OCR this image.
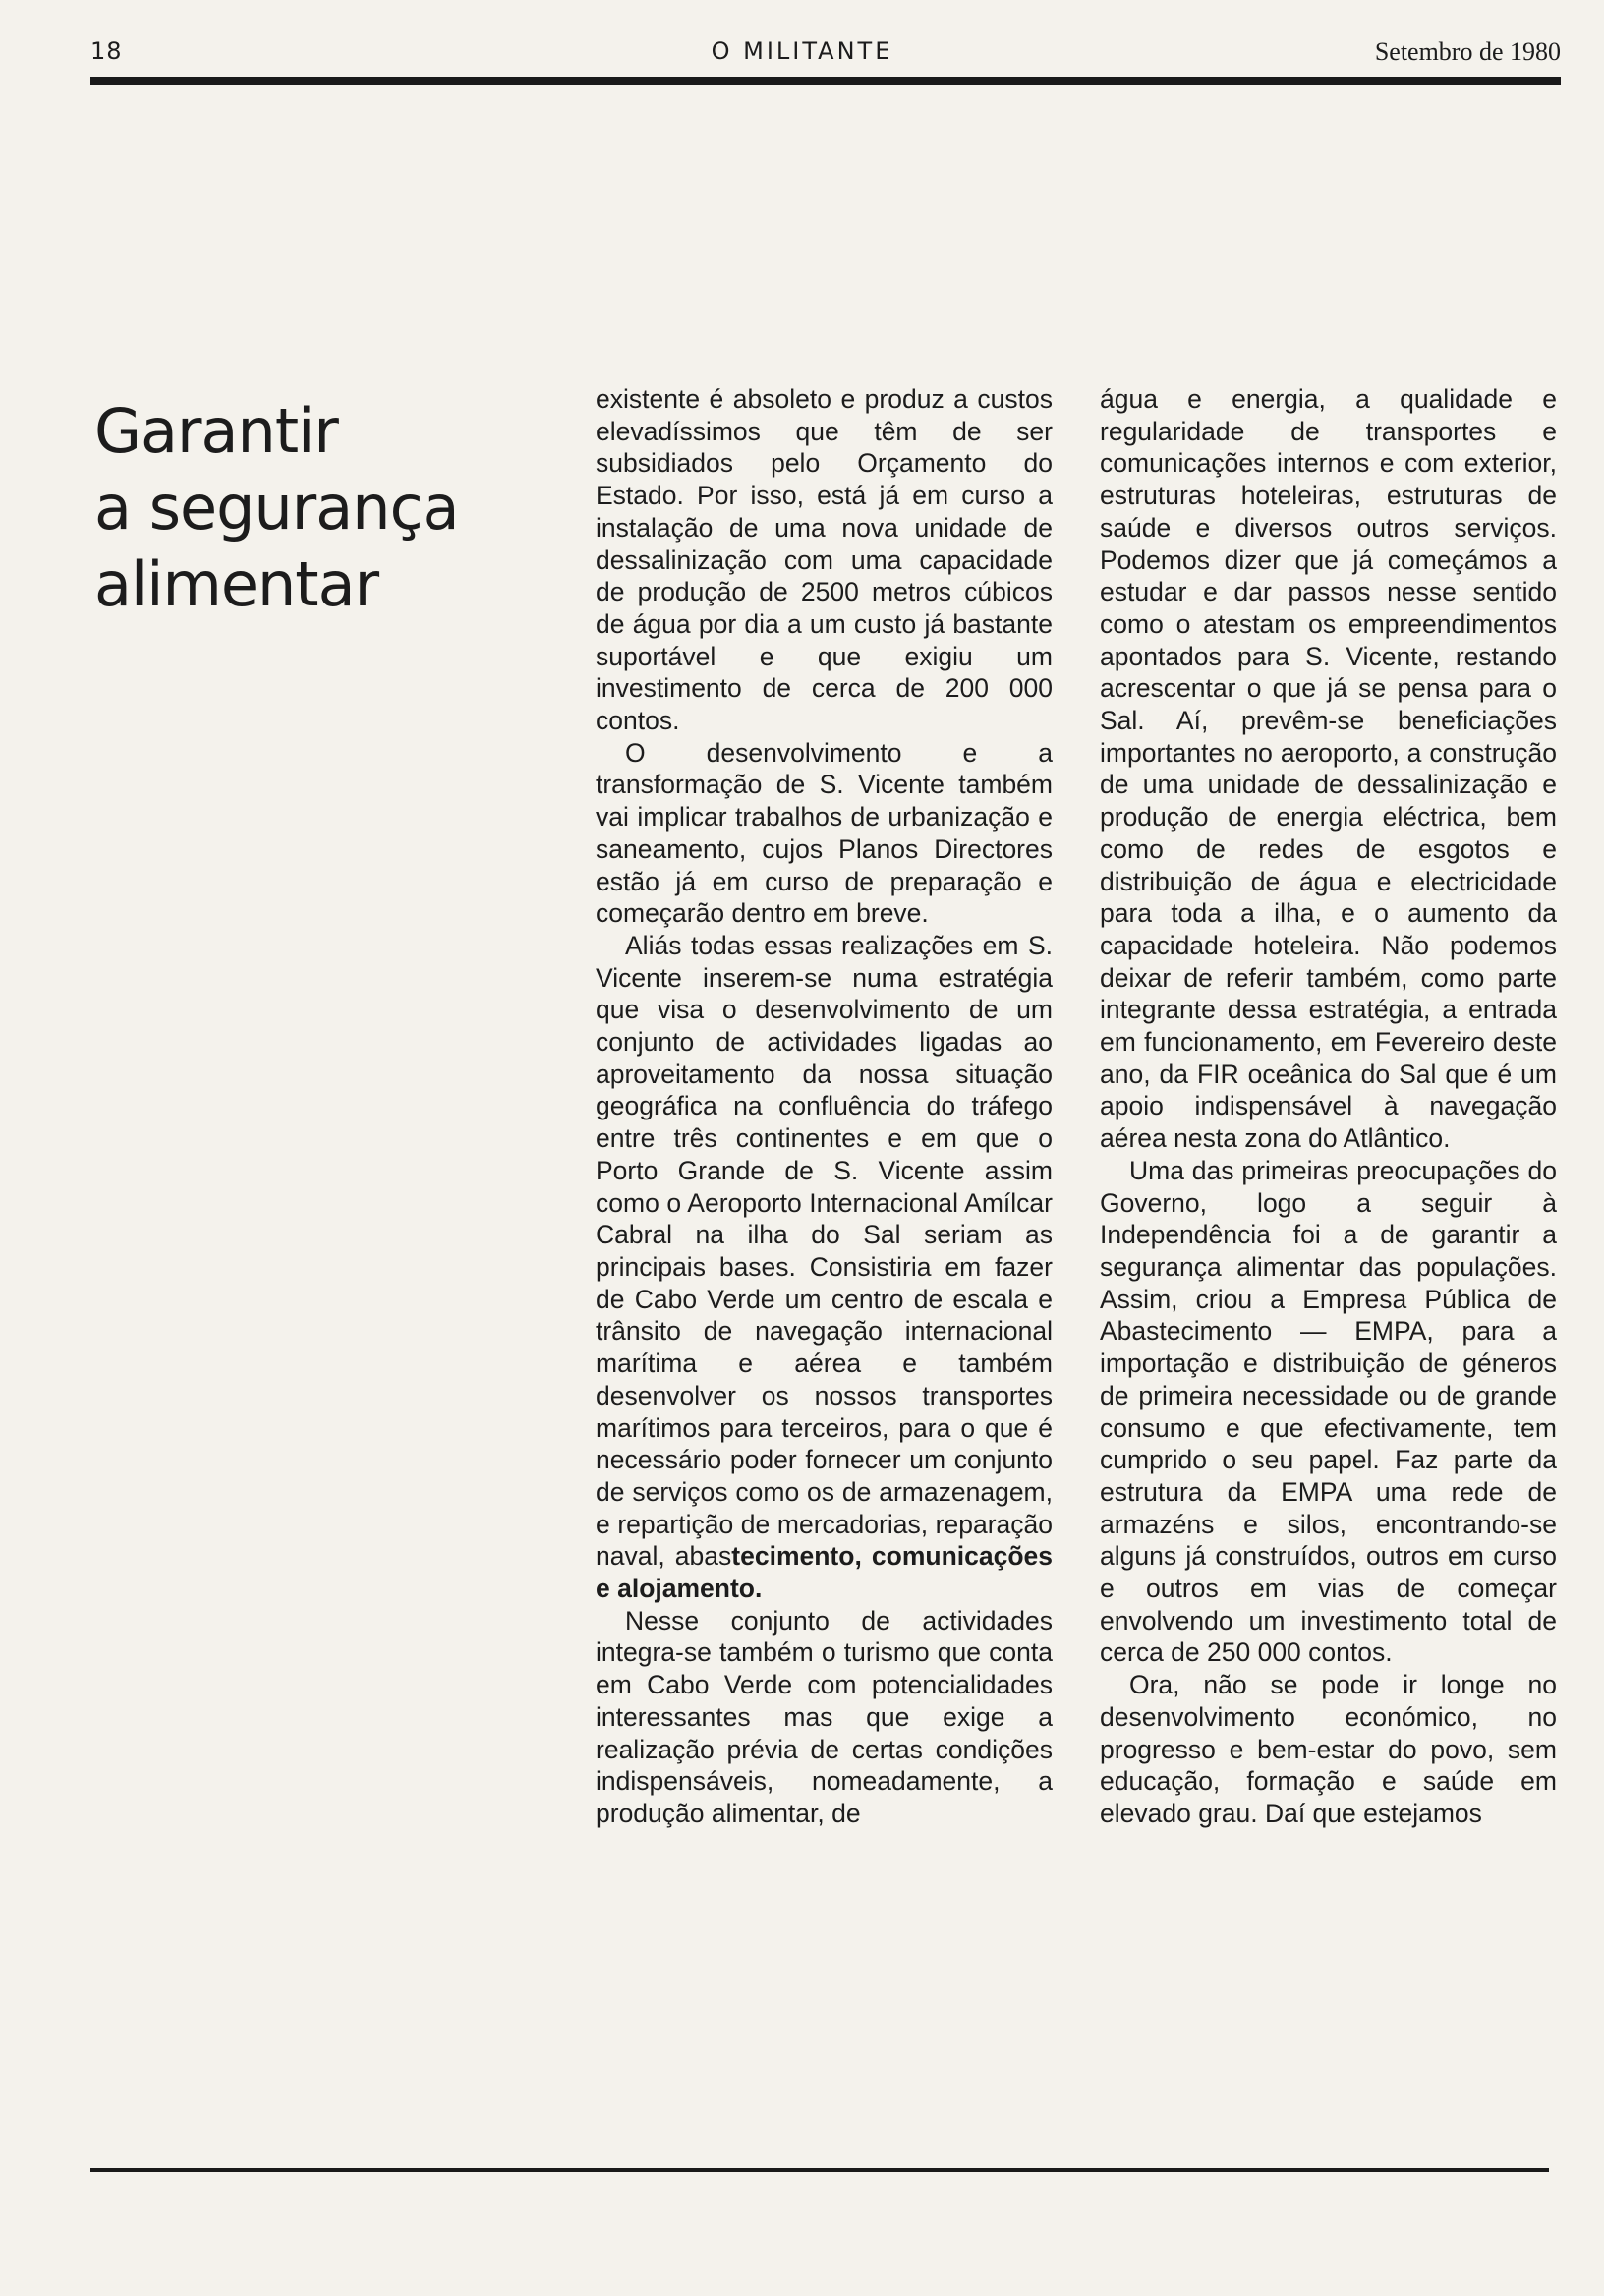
18	O MILITANTE	Setembro de 1980
Garantir
a segurança
alimentar

existente é absoleto e produz a custos elevadíssimos que têm de ser subsidiados pelo Orçamento do Estado. Por isso, está já em curso a instalação de uma nova unidade de dessalinização com uma capacidade de produção de 2500 metros cúbicos de água por dia a um custo já bastante suportável e que exigiu um investimento de cerca de 200 000 contos.

O desenvolvimento e a transformação de S. Vicente também vai implicar trabalhos de urbanização e saneamento, cujos Planos Directores estão já em curso de preparação e começarão dentro em breve.

Aliás todas essas realizações em S. Vicente inserem-se numa estratégia que visa o desenvolvimento de um conjunto de actividades ligadas ao aproveitamento da nossa situação geográfica na confluência do tráfego entre três continentes e em que o Porto Grande de S. Vicente assim como o Aeroporto Internacional Amílcar Cabral na ilha do Sal seriam as principais bases. Consistiria em fazer de Cabo Verde um centro de escala e trânsito de navegação internacional marítima e aérea e também desenvolver os nossos transportes marítimos para terceiros, para o que é necessário poder fornecer um conjunto de serviços como os de armazenagem, e repartição de mercadorias, reparação naval, abastecimento, comunicações e alojamento.

Nesse conjunto de actividades integra-se também o turismo que conta em Cabo Verde com potencialidades interessantes mas que exige a realização prévia de certas condições indispensáveis, nomeadamente, a produção alimentar, de

água e energia, a qualidade e regularidade de transportes e comunicações internos e com exterior, estruturas hoteleiras, estruturas de saúde e diversos outros serviços. Podemos dizer que já começámos a estudar e dar passos nesse sentido como o atestam os empreendimentos apontados para S. Vicente, restando acrescentar o que já se pensa para o Sal. Aí, prevêm-se beneficiações importantes no aeroporto, a construção de uma unidade de dessalinização e produção de energia eléctrica, bem como de redes de esgotos e distribuição de água e electricidade para toda a ilha, e o aumento da capacidade hoteleira. Não podemos deixar de referir também, como parte integrante dessa estratégia, a entrada em funcionamento, em Fevereiro deste ano, da FIR oceânica do Sal que é um apoio indispensável à navegação aérea nesta zona do Atlântico.

Uma das primeiras preocupações do Governo, logo a seguir à Independência foi a de garantir a segurança alimentar das populações. Assim, criou a Empresa Pública de Abastecimento — EMPA, para a importação e distribuição de géneros de primeira necessidade ou de grande consumo e que efectivamente, tem cumprido o seu papel. Faz parte da estrutura da EMPA uma rede de armazéns e silos, encontrando-se alguns já construídos, outros em curso e outros em vias de começar envolvendo um investimento total de cerca de 250 000 contos.

Ora, não se pode ir longe no desenvolvimento económico, no progresso e bem-estar do povo, sem educação, formação e saúde em elevado grau. Daí que estejamos
